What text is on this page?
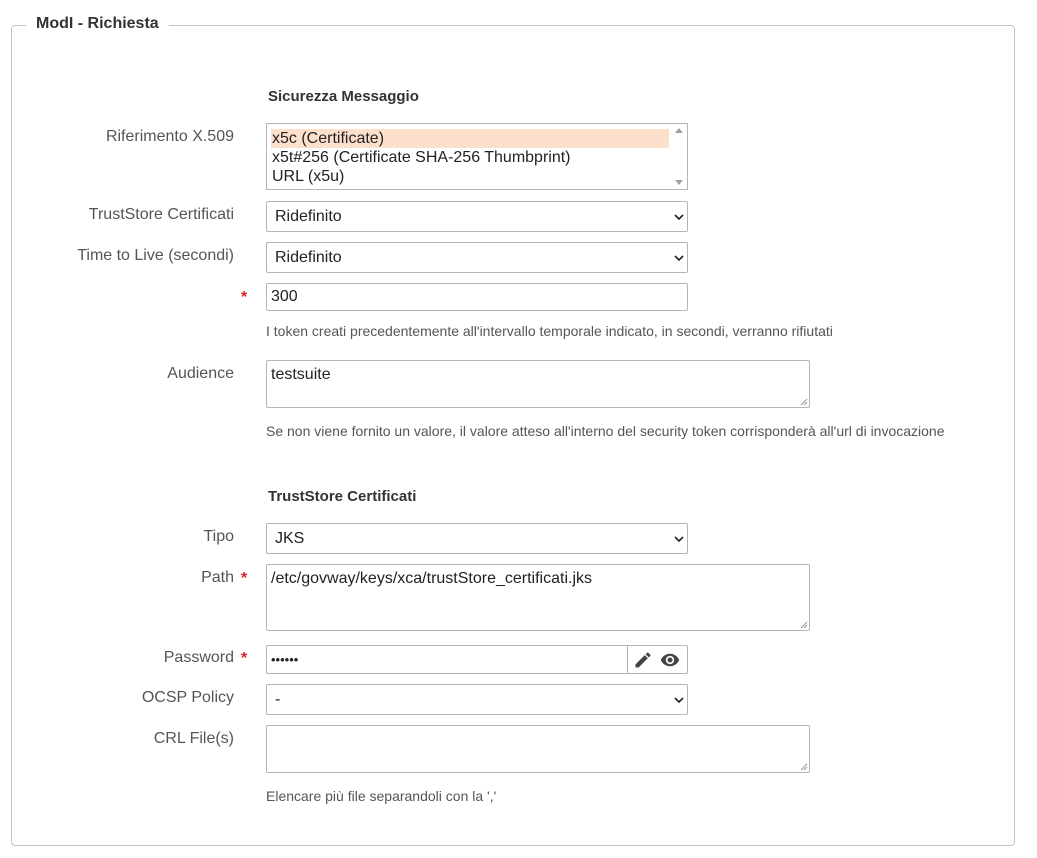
ModI - Richiesta
Sicurezza Messaggio
Riferimento X.509 x5c (Certificate)
x5t#256 (Certificate SHA-256 Thumbprint)
URL (x5u)
TrustStore Certificati	Ridefinito
Time to Live (secondi)	Ridefinito
*	300
I token creati precedentemente all'intervallo temporale indicato, in secondi, verranno rifiutati
Audience	testsuite
Se non viene fornito un valore, il valore atteso all'interno del security token corrisponderà all'url di invocazione
TrustStore Certificati
Tipo	JKS
Path *	/etc/govway/keys/xca/trustStore_certificati.jks
Password * ••••••
OCSP Policy	-
CRL File(s)
Elencare più file separandoli con la ','
